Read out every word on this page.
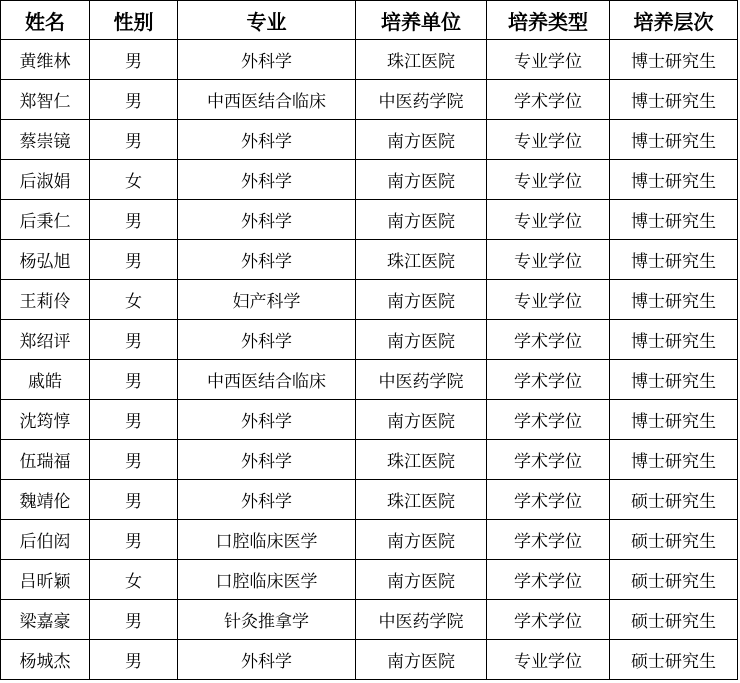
姓名	性别	专业	培养单位	培养类型	培养层次
黄维林	男	外科学	珠江医院	专业学位	博士研究生
郑智仁	男	中西医结合临床	中医药学院	学术学位	博士研究生
蔡崇镜	男	外科学	南方医院	专业学位	博士研究生
后淑娟	女	外科学	南方医院	专业学位	博士研究生
后秉仁	男	外科学	南方医院	专业学位	博士研究生
杨弘旭	男	外科学	珠江医院	专业学位	博士研究生
王莉伶	女	妇产科学	南方医院	专业学位	博士研究生
郑绍评	男	外科学	南方医院	学术学位	博士研究生
戚皓	男	中西医结合临床	中医药学院	学术学位	博士研究生
沈筠惇	男	外科学	南方医院	学术学位	博士研究生
伍瑞福	男	外科学	珠江医院	学术学位	博士研究生
魏靖伦	男	外科学	珠江医院	学术学位	硕士研究生
后伯闳	男	口腔临床医学	南方医院	学术学位	硕士研究生
吕昕颖	女	口腔临床医学	南方医院	学术学位	硕士研究生
梁嘉豪	男	针灸推拿学	中医药学院	学术学位	硕士研究生
杨城杰	男	外科学	南方医院	专业学位	硕士研究生
